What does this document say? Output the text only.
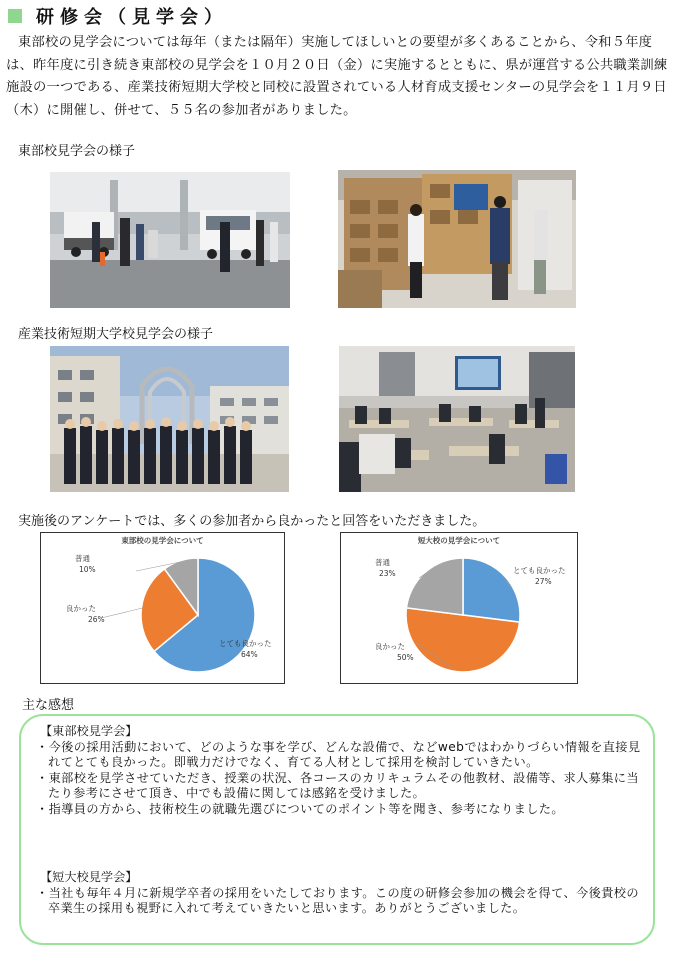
研修会（見学会）
東部校の見学会については毎年（または隔年）実施してほしいとの要望が多くあることから、令和５年度は、昨年度に引き続き東部校の見学会を１０月２０日（金）に実施するとともに、県が運営する公共職業訓練施設の一つである、産業技術短期大学校と同校に設置されている人材育成支援センターの見学会を１１月９日（木）に開催し、併せて、５５名の参加者がありました。
東部校見学会の様子
産業技術短期大学校見学会の様子
実施後のアンケートでは、多くの参加者から良かったと回答をいただきました。
東部校の見学会について
とても良かった
64%
良かった
26%
普通
10%
短大校の見学会について
とても良かった
27%
良かった
50%
普通
23%
主な感想
【東部校見学会】
・今後の採用活動において、どのような事を学び、どんな設備で、などwebではわかりづらい情報を直接見れてとても良かった。即戦力だけでなく、育てる人材として採用を検討していきたい。
・東部校を見学させていただき、授業の状況、各コースのカリキュラムその他教材、設備等、求人募集に当たり参考にさせて頂き、中でも設備に関しては感銘を受けました。
・指導員の方から、技術校生の就職先選びについてのポイント等を聞き、参考になりました。
【短大校見学会】
・当社も毎年４月に新規学卒者の採用をいたしております。この度の研修会参加の機会を得て、今後貴校の卒業生の採用も視野に入れて考えていきたいと思います。ありがとうございました。
